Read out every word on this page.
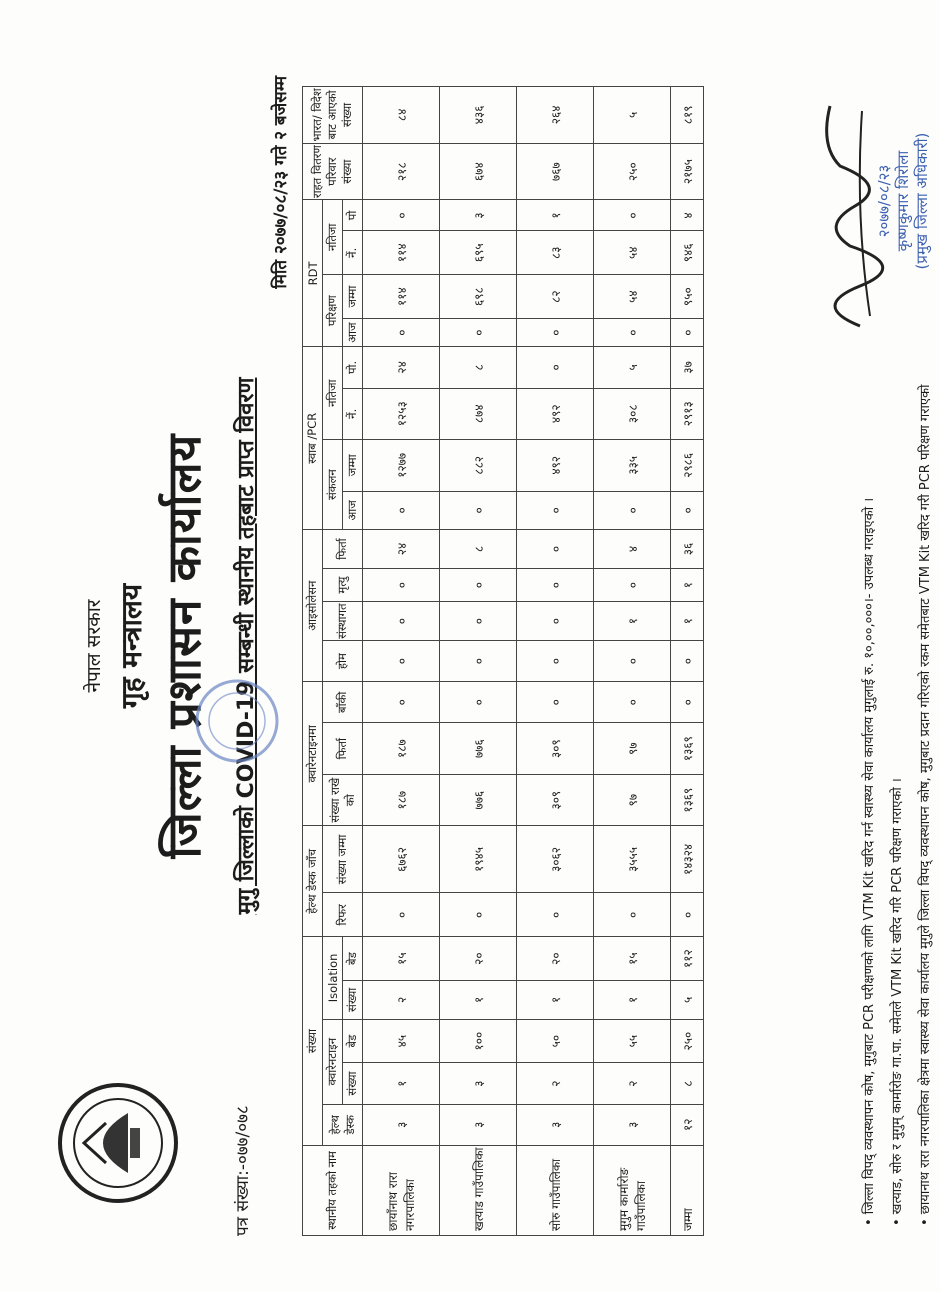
नेपाल सरकार गृह मन्त्रालय जिल्ला प्रशासन कार्यालय
पत्र संख्या:-०७७/०७८
मुगु जिल्लाको COVID-19 सम्बन्धी स्थानीय तहबाट प्राप्त विवरण
मिति २०७७/०८/२३ गते २ बजेसम्म
स्थानीय तहको नाम	संख्या					हेल्थ डेस्क जाँच		क्वारेनटाइनमा			आइसोलेसन				स्वाब /PCR				RDT				राहत वितरण परिवार संख्या	भारत/ विदेश बाट आएको संख्या
	हेल्थ डेस्क	क्वारेनटाइन		Isolation		रिफर	संख्या जम्मा	संख्या राखे को	फिर्ता	बाँकी	होम	संस्थागत	मृत्यु	फिर्ता	संकलन		नतिजा		परिक्षण		नतिजा			
		संख्या	बेड	संख्या	बेड										आज	जम्मा	नें.	पो.	आज	जम्मा	नें.	पो		

छायाँनाथ रारा नगरपालिका	३	१	४५	२	१५	०	६७६२	१८७	१८७	०	०	०	०	२४	०	१२७७	१२५३	२४	०	११४	११४	०	२१८	८४
खत्याड गाउँपालिका	३	३	१००	१	२०	०	१९४५	७७६	७७६	०	०	०	०	८	०	८८२	८७४	८	०	६९८	६९५	३	६७४	४३६
सोरु गाउँपालिका	३	२	५०	१	२०	०	३०६२	३०९	३०९	०	०	०	०	०	०	४९२	४९२	०	०	८२	८३	१	७६७	२६४
मुगुम कार्मारोङ गाउँपालिका	३	२	५५	१	१५	०	३५५५	९७	९७	०	०	१	०	४	०	३३५	३०८	५	०	५४	५४	०	२५०	५
जम्मा	१२	८	२५०	५	११२	०	१४३२४	१३६९	१३६९	०	०	१	१	३६	०	२९८६	२९१३	३७	०	९५०	९४६	४	२१७५	८१९
• जिल्ला विपद् व्यवस्थापन कोष, मुगुबाट PCR परीक्षणको लागि VTM Kit खरिद गर्न स्वास्थ्य सेवा कार्यालय मुगुलाई रु. १०,००,०००।- उपलब्ध गराइएको ।	• खत्याड, सोरु र मुगुम् कार्मारोङ गा.पा. समेतले VTM Kit खरिद गरि PCR परिक्षण गराएको ।	• छायानाथ रारा नगरपालिका क्षेत्रमा स्वास्थ्य सेवा कार्यालय मुगुले जिल्ला विपद् व्यवस्थापन कोष, मुगुबाट प्रदान गरिएको रकम समेतबाट VTM Kit खरिद गरी PCR परिक्षण गराएको
२०७७/०८/२३ कृष्णकुमार शिरोला (प्रमुख जिल्ला अधिकारी)
